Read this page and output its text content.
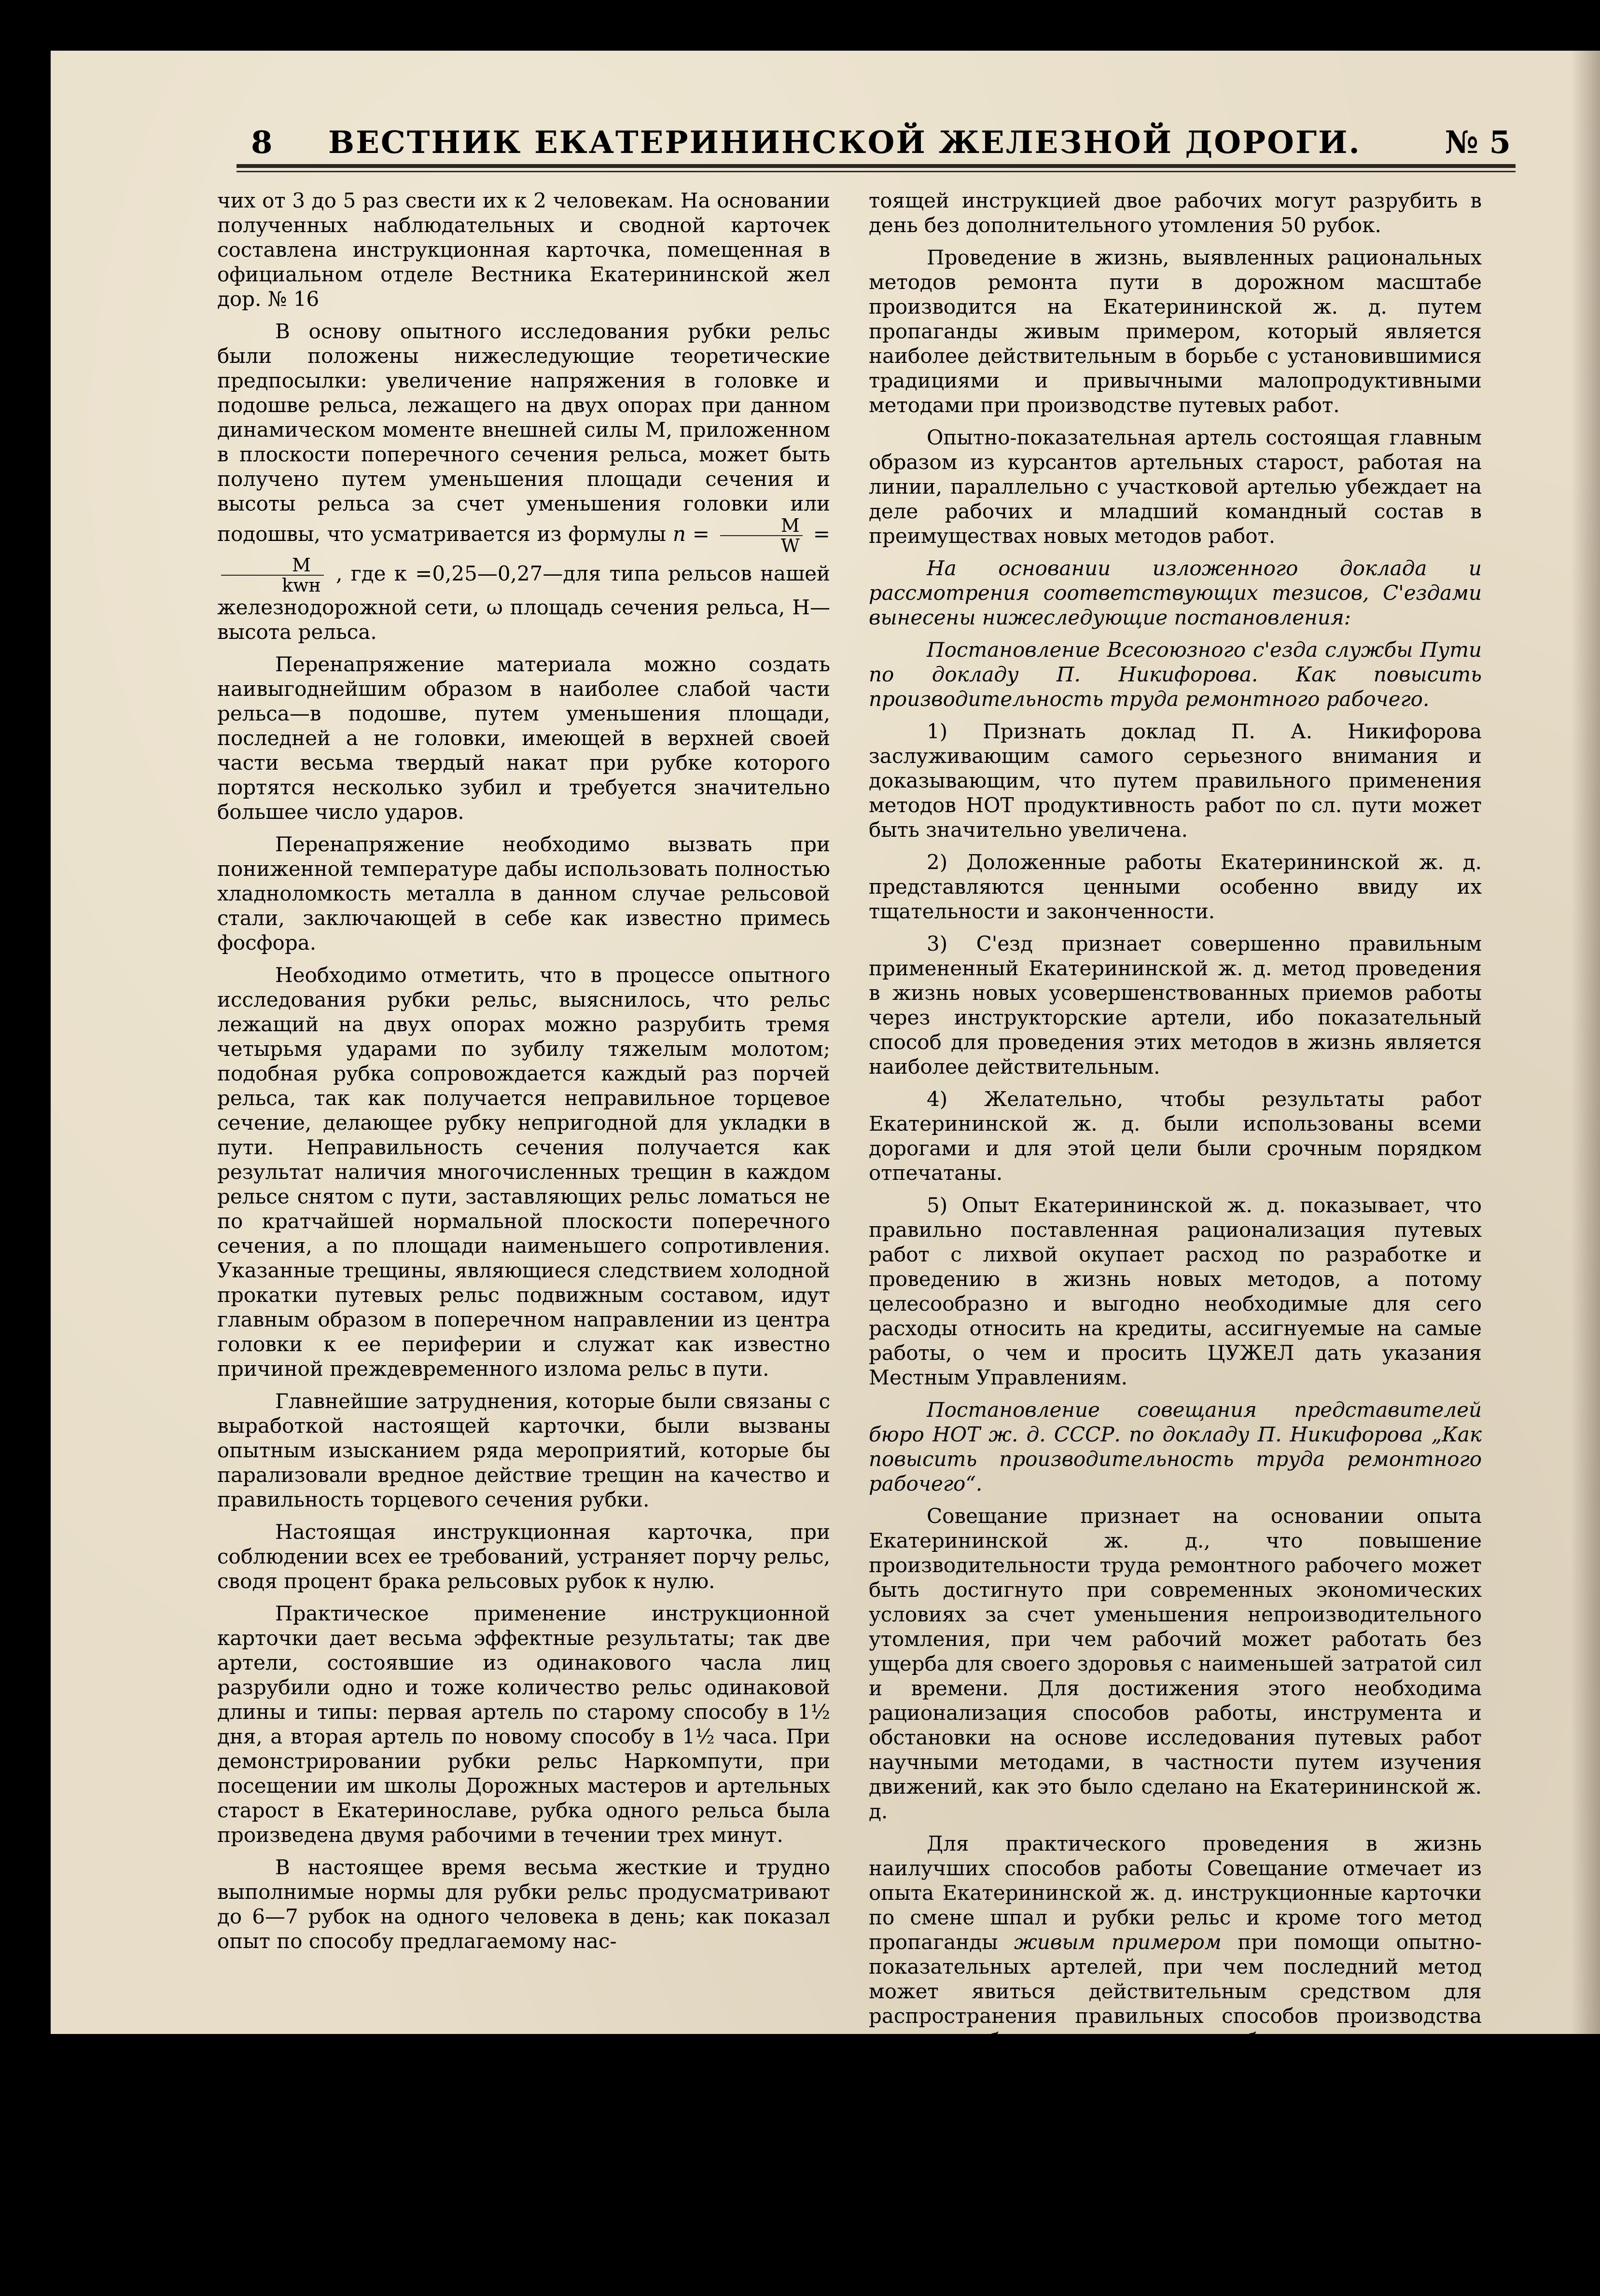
8 ВЕСТНИК ЕКАТЕРИНИНСКОЙ ЖЕЛЕЗНОЙ ДОРОГИ.	№ 5

чих от 3 до 5 раз свести их к 2 человекам. На основании полученных наблюдательных и сводной карточек составлена инструкционная карточка, помещенная в официальном отделе Вестника Екатерининской жел дор. № 16

В основу опытного исследования рубки рельс были положены нижеследующие теоретические предпосылки: увеличение напряжения в головке и подошве рельса, лежащего на двух опорах при данном динамическом моменте внешней силы М, приложенном в плоскости поперечного сечения рельса, может быть получено путем уменьшения площади сечения и высоты рельса за счет уменьшения головки или подошвы, что усматривается из формулы $n = \frac{M}{W}$ =
$\frac{M}{\text{kwн}}$ , где к =0,25—0,27—для типа рельсов нашей железнодорожной сети, ω площадь сечения рельса, Н—высота рельса.

Перенапряжение материала можно создать наивыгоднейшим образом в наиболее слабой части рельса—в подошве, путем уменьшения площади, последней а не головки, имеющей в верхней своей части весьма твердый накат при рубке которого портятся несколько зубил и требуется значительно большее число ударов.

Перенапряжение необходимо вызвать при пониженной температуре дабы использовать полностью хладноломкость металла в данном случае рельсовой стали, заключающей в себе как известно примесь фосфора.

Необходимо отметить, что в процессе опытного исследования рубки рельс, выяснилось, что рельс лежащий на двух опорах можно разрубить тремя четырьмя ударами по зубилу тяжелым молотом; подобная рубка сопровождается каждый раз порчей рельса, так как получается неправильное торцевое сечение, делающее рубку непригодной для укладки в пути. Неправильность сечения получается как результат наличия многочисленных трещин в каждом рельсе снятом с пути, заставляющих рельс ломаться не по кратчайшей нормальной плоскости поперечного сечения, а по площади наименьшего сопротивления. Указанные трещины, являющиеся следствием холодной прокатки путевых рельс подвижным составом, идут главным образом в поперечном направлении из центра головки к ее периферии и служат как известно причиной преждевременного излома рельс в пути.

Главнейшие затруднения, которые были связаны с выработкой настоящей карточки, были вызваны опытным изысканием ряда мероприятий, которые бы парализовали вредное действие трещин на качество и правильность торцевого сечения рубки.

Настоящая инструкционная карточка, при соблюдении всех ее требований, устраняет порчу рельс, сводя процент брака рельсовых рубок к нулю.

Практическое применение инструкционной карточки дает весьма эффектные результаты; так две артели, состоявшие из одинакового часла лиц разрубили одно и тоже количество рельс одинаковой длины и типы: первая артель по старому способу в 1½ дня, а вторая артель по новому способу в 1½ часа. При демонстрировании рубки рельс Наркомпути, при посещении им школы Дорожных мастеров и артельных старост в Екатеринославе, рубка одного рельса была произведена двумя рабочими в течении трех минут.

В настоящее время весьма жесткие и трудно выполнимые нормы для рубки рельс продусматривают до 6—7 рубок на одного человека в день; как показал опыт по способу предлагаемому нас-

тоящей инструкцией двое рабочих могут разрубить в день без дополнительного утомления 50 рубок.

Проведение в жизнь, выявленных рациональных методов ремонта пути в дорожном масштабе производится на Екатерининской ж. д. путем пропаганды живым примером, который является наиболее действительным в борьбе с установившимися традициями и привычными малопродуктивными методами при производстве путевых работ.

Опытно-показательная артель состоящая главным образом из курсантов артельных старост, работая на линии, параллельно с участковой артелью убеждает на деле рабочих и младший командный состав в преимуществах новых методов работ.

На основании изложенного доклада и рассмотрения соответствующих тезисов, С'ездами вынесены нижеследующие постановления:

Постановление Всесоюзного с'езда службы Пути по докладу П. Никифорова. Как повысить производительность труда ремонтного рабочего.

1) Признать доклад П. А. Никифорова заслуживающим самого серьезного внимания и доказывающим, что путем правильного применения методов НОТ продуктивность работ по сл. пути может быть значительно увеличена.

2) Доложенные работы Екатерининской ж. д. представляются ценными особенно ввиду их тщательности и законченности.

3) С'езд признает совершенно правильным примененный Екатерининской ж. д. метод проведения в жизнь новых усовершенствованных приемов работы через инструкторские артели, ибо показательный способ для проведения этих методов в жизнь является наиболее действительным.

4) Желательно, чтобы результаты работ Екатерининской ж. д. были использованы всеми дорогами и для этой цели были срочным порядком отпечатаны.

5) Опыт Екатерининской ж. д. показывает, что правильно поставленная рационализация путевых работ с лихвой окупает расход по разработке и проведению в жизнь новых методов, а потому целесообразно и выгодно необходимые для сего расходы относить на кредиты, ассигнуемые на самые работы, о чем и просить ЦУЖЕЛ дать указания Местным Управлениям.

Постановление совещания представителей бюро НОТ ж. д. СССР. по докладу П. Никифорова „Как повысить производительность труда ремонтного рабочего“.

Совещание признает на основании опыта Екатерининской ж. д., что повышение производительности труда ремонтного рабочего может быть достигнуто при современных экономических условиях за счет уменьшения непроизводительного утомления, при чем рабочий может работать без ущерба для своего здоровья с наименьшей затратой сил и времени. Для достижения этого необходима рационализация способов работы, инструмента и обстановки на основе исследования путевых работ научными методами, в частности путем изучения движений, как это было сделано на Екатерининской ж. д.

Для практического проведения в жизнь наилучших способов работы Совещание отмечает из опыта Екатерининской ж. д. инструкционные карточки по смене шпал и рубки рельс и кроме того метод пропаганды живым примером при помощи опытно-показательных артелей, при чем последний метод может явиться действительным средством для распространения правильных способов производства путевых работ в дорожном масштабе.

Никифоров.
